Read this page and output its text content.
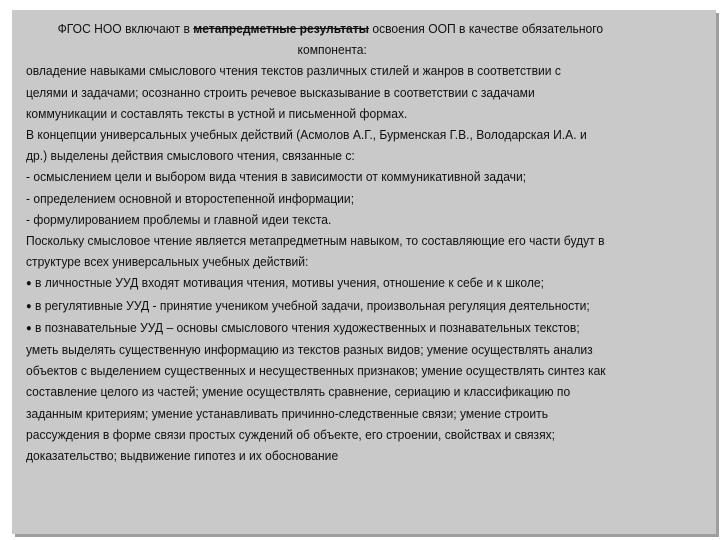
ФГОС НОО включают в метапредметные результаты освоения ООП в качестве обязательного
компонента:
овладение навыками смыслового чтения текстов различных стилей и жанров в соответствии с
целями и задачами; осознанно строить речевое высказывание в соответствии с задачами
коммуникации и составлять тексты в устной и письменной формах.
В концепции универсальных учебных действий (Асмолов А.Г., Бурменская Г.В., Володарская И.А. и
др.) выделены действия смыслового чтения, связанные с:
- осмыслением цели и выбором вида чтения в зависимости от коммуникативной задачи;
- определением основной и второстепенной информации;
- формулированием проблемы и главной идеи текста.
Поскольку смысловое чтение является метапредметным навыком, то составляющие его части будут в
структуре всех универсальных учебных действий:
● в личностные УУД входят мотивация чтения, мотивы учения, отношение к себе и к школе;
● в регулятивные УУД - принятие учеником учебной задачи, произвольная регуляция деятельности;
● в познавательные УУД – основы смыслового чтения художественных и познавательных текстов;
уметь выделять существенную информацию из текстов разных видов; умение осуществлять анализ
объектов с выделением существенных и несущественных признаков; умение осуществлять синтез как
составление целого из частей; умение осуществлять сравнение, сериацию и классификацию по
заданным критериям; умение устанавливать причинно-следственные связи; умение строить
рассуждения в форме связи простых суждений об объекте, его строении, свойствах и связях;
доказательство; выдвижение гипотез и их обоснование
